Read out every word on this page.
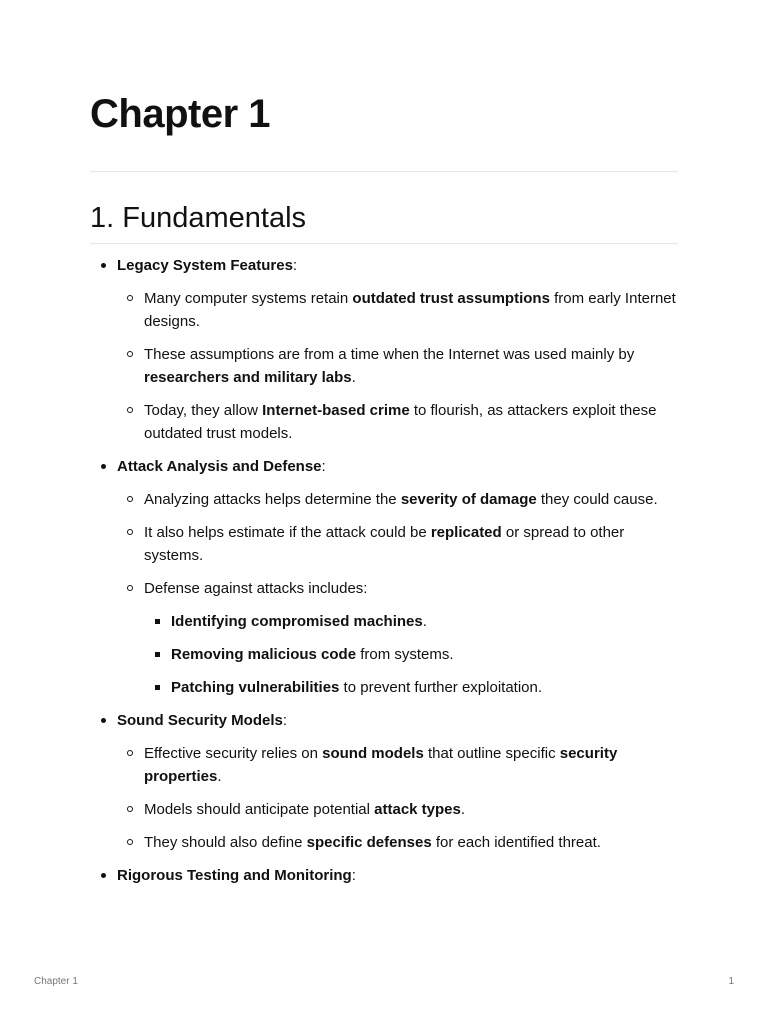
Chapter 1
1. Fundamentals
Legacy System Features:
Many computer systems retain outdated trust assumptions from early Internet designs.
These assumptions are from a time when the Internet was used mainly by researchers and military labs.
Today, they allow Internet-based crime to flourish, as attackers exploit these outdated trust models.
Attack Analysis and Defense:
Analyzing attacks helps determine the severity of damage they could cause.
It also helps estimate if the attack could be replicated or spread to other systems.
Defense against attacks includes:
Identifying compromised machines.
Removing malicious code from systems.
Patching vulnerabilities to prevent further exploitation.
Sound Security Models:
Effective security relies on sound models that outline specific security properties.
Models should anticipate potential attack types.
They should also define specific defenses for each identified threat.
Rigorous Testing and Monitoring:
Chapter 1	1
